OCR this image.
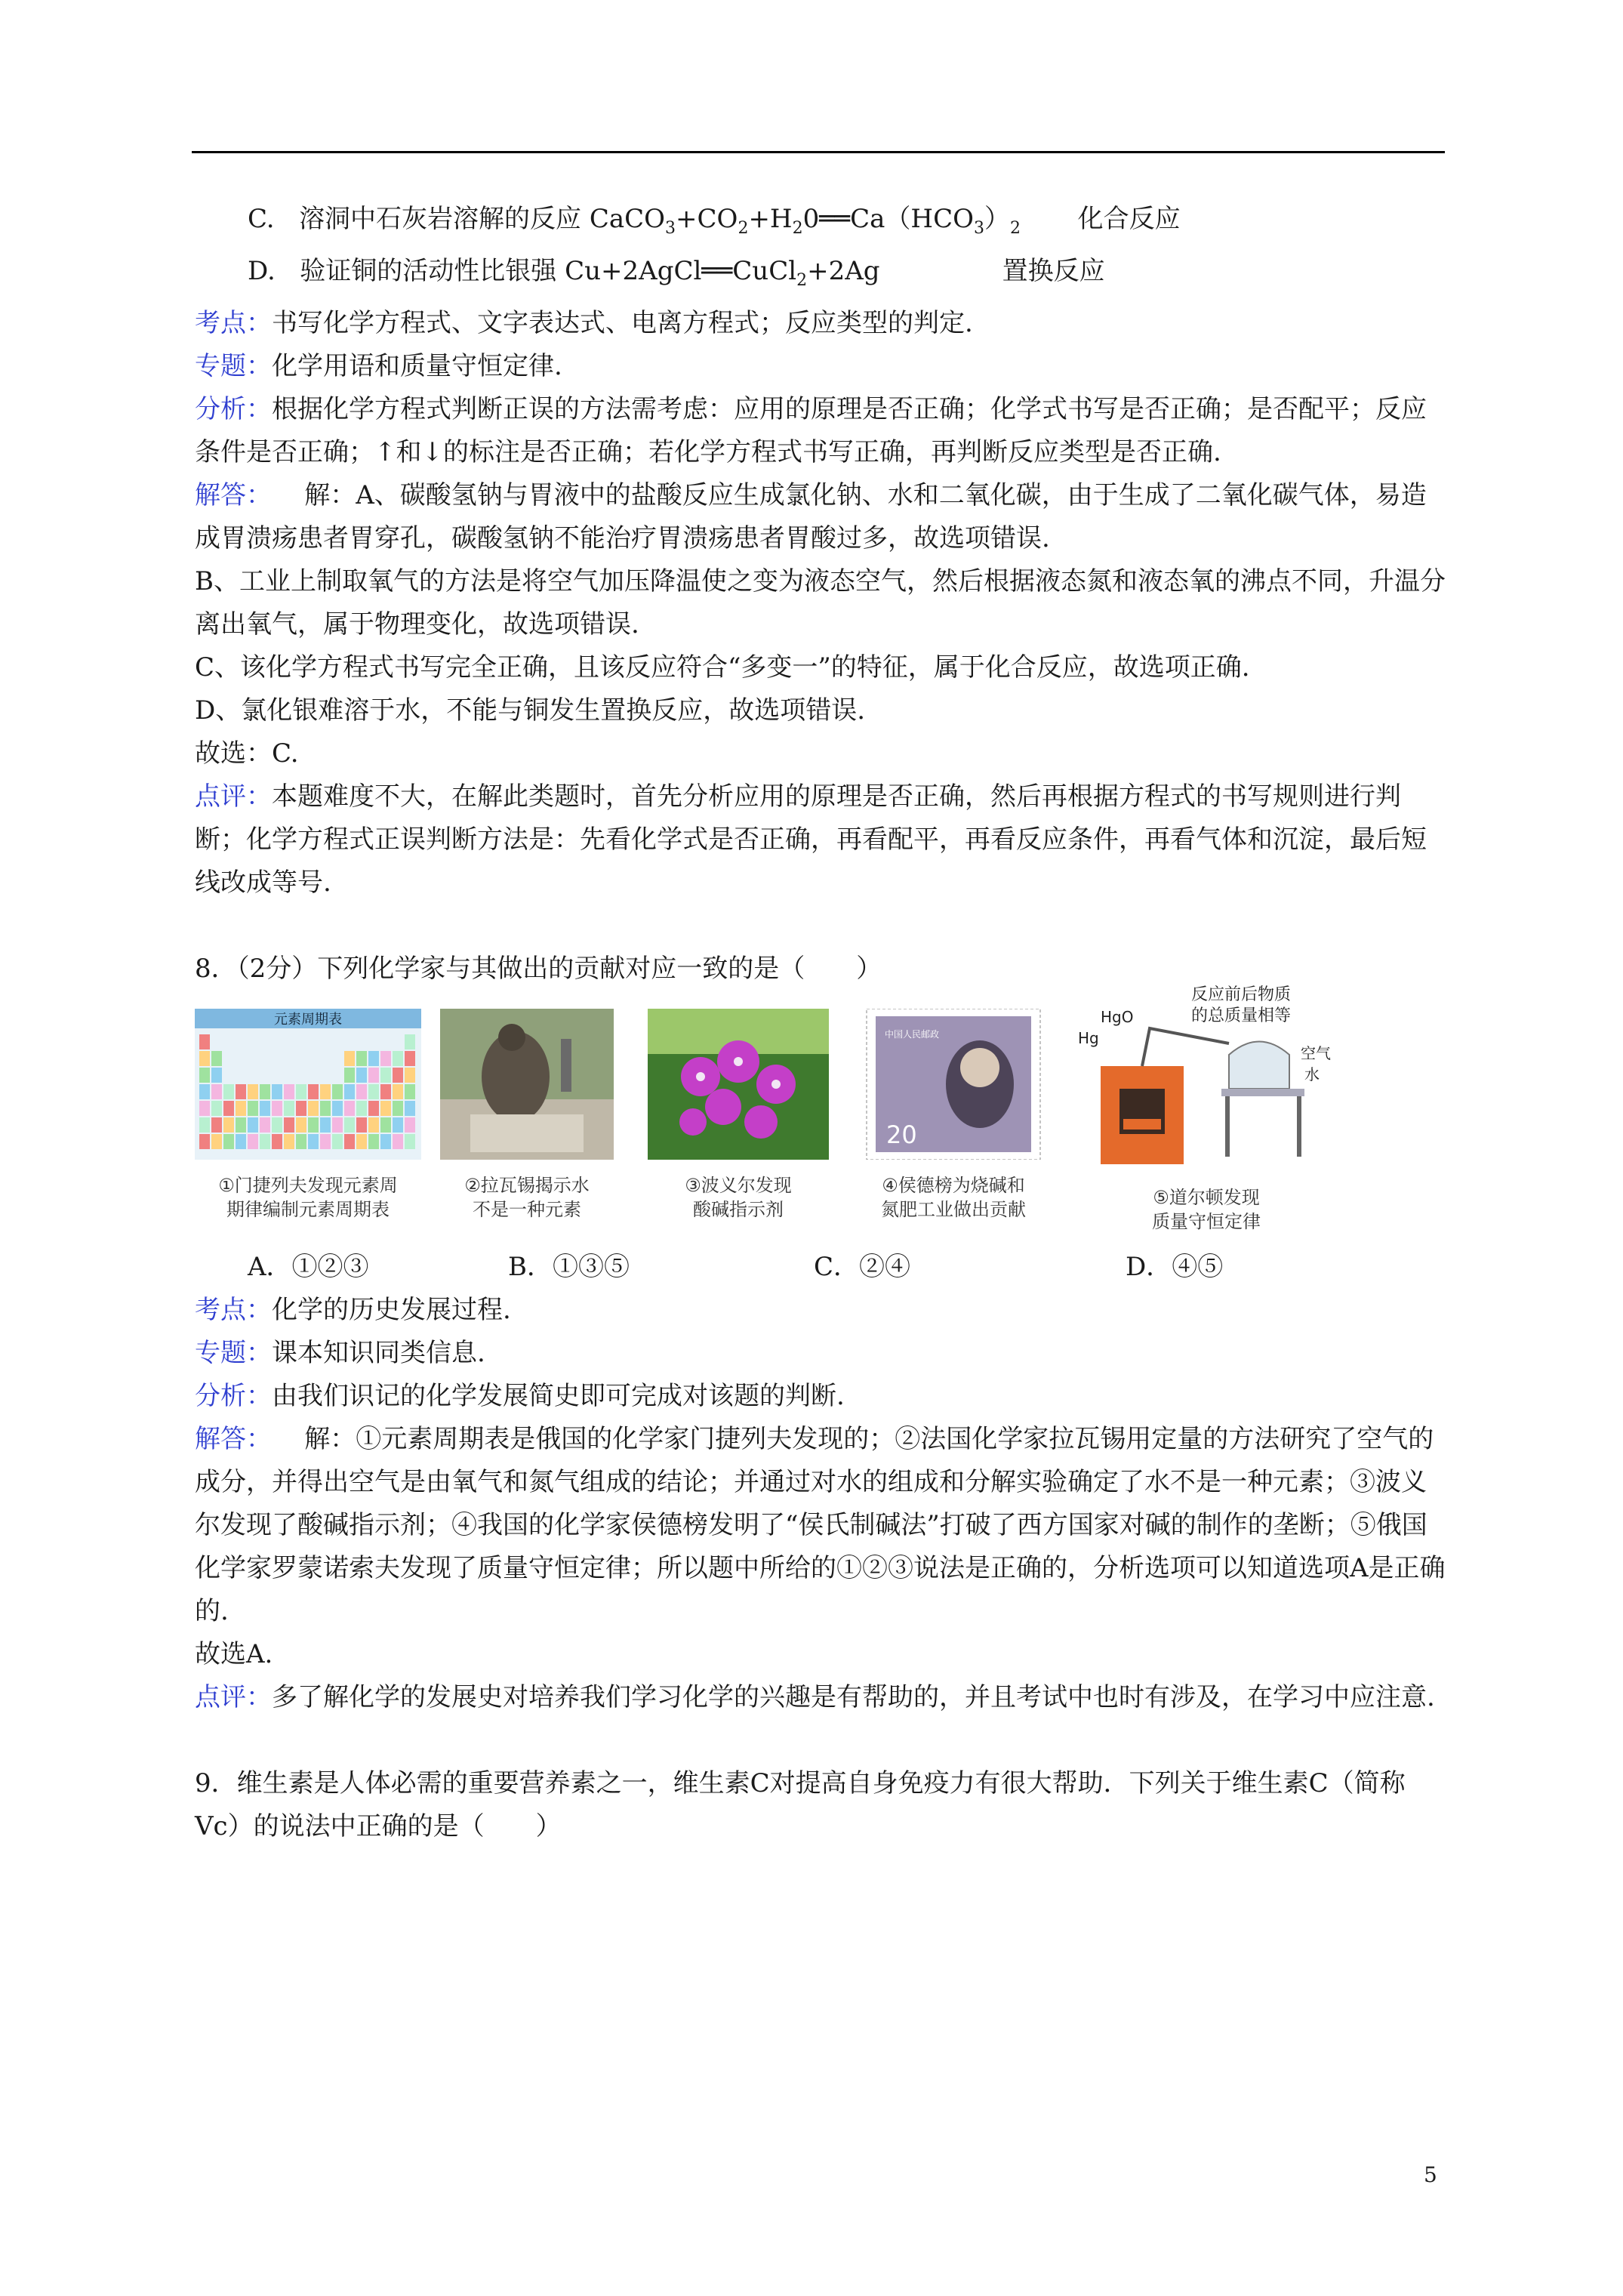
C. 溶洞中石灰岩溶解的反应 $CaCO_3+CO_2+H_20══Ca(HCO_3)_2$ 化合反应

D. 验证铜的活动性比银强 Cu+2AgCl══CuCl$_2$+2Ag	置换反应

考点：书写化学方程式、文字表达式、电离方程式；反应类型的判定.

专题：化学用语和质量守恒定律.

分析：根据化学方程式判断正误的方法需考虑：应用的原理是否正确；化学式书写是否正确；是否配平；反应条件是否正确；↑和↓的标注是否正确；若化学方程式书写正确，再判断反应类型是否正确.

解答： 解：A、碳酸氢钠与胃液中的盐酸反应生成氯化钠、水和二氧化碳，由于生成了二氧化碳气体，易造成胃溃疡患者胃穿孔，碳酸氢钠不能治疗胃溃疡患者胃酸过多，故选项错误.

B、工业上制取氧气的方法是将空气加压降温使之变为液态空气，然后根据液态氮和液态氧的沸点不同，升温分离出氧气，属于物理变化，故选项错误.

C、该化学方程式书写完全正确，且该反应符合“多变一”的特征，属于化合反应，故选项正确.

D、氯化银难溶于水，不能与铜发生置换反应，故选项错误.

故选：C.

点评：本题难度不大，在解此类题时，首先分析应用的原理是否正确，然后再根据方程式的书写规则进行判断；化学方程式正误判断方法是：先看化学式是否正确，再看配平，再看反应条件，再看气体和沉淀，最后短线改成等号.

8．（2分）下列化学家与其做出的贡献对应一致的是（　　）

元素周期表
①门捷列夫发现元素周
期律编制元素周期表
②拉瓦锡揭示水
不是一种元素
③波义尔发现
酸碱指示剂
中国人民邮政
20
④侯德榜为烧碱和
氮肥工业做出贡献
HgO
Hg
反应前后物质
的总质量相等
空气
水
⑤道尔顿发现
质量守恒定律
A．①②③	B．①③⑤	C．②④	D．④⑤

考点：化学的历史发展过程.

专题：课本知识同类信息.

分析：由我们识记的化学发展简史即可完成对该题的判断.

解答： 解：①元素周期表是俄国的化学家门捷列夫发现的；②法国化学家拉瓦锡用定量的方法研究了空气的成分，并得出空气是由氧气和氮气组成的结论；并通过对水的组成和分解实验确定了水不是一种元素；③波义尔发现了酸碱指示剂；④我国的化学家侯德榜发明了“侯氏制碱法”打破了西方国家对碱的制作的垄断；⑤俄国化学家罗蒙诺索夫发现了质量守恒定律；所以题中所给的①②③说法是正确的，分析选项可以知道选项A是正确的.

故选A.

点评：多了解化学的发展史对培养我们学习化学的兴趣是有帮助的，并且考试中也时有涉及，在学习中应注意.

9．维生素是人体必需的重要营养素之一，维生素C对提高自身免疫力有很大帮助．下列关于维生素C（简称Vc）的说法中正确的是（　　）

5
